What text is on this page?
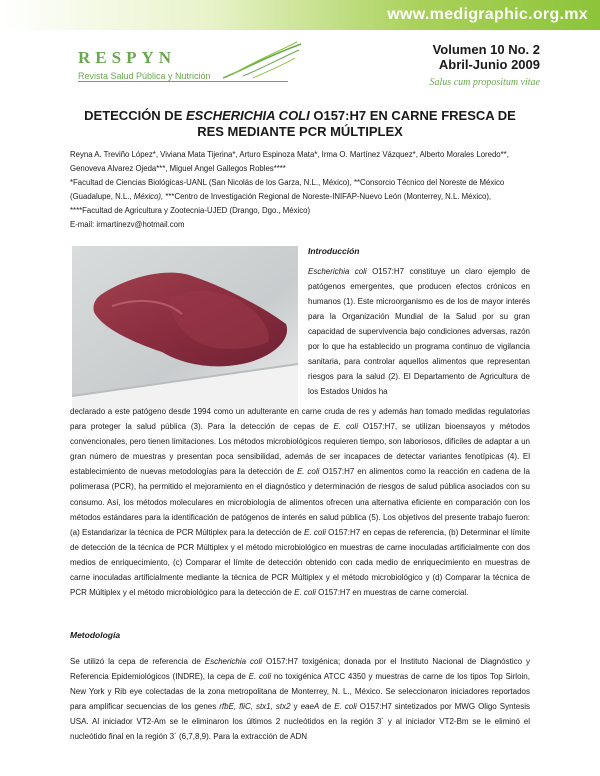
www.medigraphic.org.mx
RESPYN
Revista Salud Pública y Nutrición
Volumen 10 No. 2
Abril-Junio 2009
Salus cum propositum vitae
DETECCIÓN DE ESCHERICHIA COLI O157:H7 EN CARNE FRESCA DE RES MEDIANTE PCR MÚLTIPLEX

Reyna A. Treviño López*, Viviana Mata Tijerina*, Arturo Espinoza Mata*, Irma O. Martínez Vázquez*, Alberto Morales Loredo**, Genoveva Alvarez Ojeda***, Miguel Angel Gallegos Robles****

*Facultad de Ciencias Biológicas-UANL (San Nicolás de los Garza, N.L., México), **Consorcio Técnico del Noreste de México (Guadalupe, N.L., México), ***Centro de Investigación Regional de Noreste-INIFAP-Nuevo León (Monterrey, N.L. México), ****Facultad de Agricultura y Zootecnia-UJED (Drango, Dgo., México)

E-mail: irmartinezv@hotmail.com

Introducción
Escherichia coli O157:H7 constituye un claro ejemplo de patógenos emergentes, que producen efectos crónicos en humanos (1). Este microorganismo es de los de mayor interés para la Organización Mundial de la Salud por su gran capacidad de supervivencia bajo condiciones adversas, razón por lo que ha establecido un programa continuo de vigilancia sanitaria, para controlar aquellos alimentos que representan riesgos para la salud (2). El Departamento de Agricultura de los Estados Unidos ha
declarado a este patógeno desde 1994 como un adulterante en carne cruda de res y además han tomado medidas regulatorias para proteger la salud pública (3). Para la detección de cepas de E. coli O157:H7, se utilizan bioensayos y métodos convencionales, pero tienen limitaciones. Los métodos microbiológicos requieren tiempo, son laboriosos, difíciles de adaptar a un gran número de muestras y presentan poca sensibilidad, además de ser incapaces de detectar variantes fenotípicas (4). El establecimiento de nuevas metodologías para la detección de E. coli O157:H7 en alimentos como la reacción en cadena de la polimerasa (PCR), ha permitido el mejoramiento en el diagnóstico y determinación de riesgos de salud pública asociados con su consumo. Así, los métodos moleculares en microbiología de alimentos ofrecen una alternativa eficiente en comparación con los métodos estándares para la identificación de patógenos de interés en salud pública (5). Los objetivos del presente trabajo fueron: (a) Estandarizar la técnica de PCR Múltiplex para la detección de E. coli O157:H7 en cepas de referencia, (b) Determinar el límite de detección de la técnica de PCR Múltiplex y el método microbiológico en muestras de carne inoculadas artificialmente con dos medios de enriquecimiento, (c) Comparar el límite de detección obtenido con cada medio de enriquecimiento en muestras de carne inoculadas artificialmente mediante la técnica de PCR Múltiplex y el método microbiológico y (d) Comparar la técnica de PCR Múltiplex y el método microbiológico para la detección de E. coli O157:H7 en muestras de carne comercial.
Metodología
Se utilizó la cepa de referencia de Escherichia coli O157:H7 toxigénica; donada por el Instituto Nacional de Diagnóstico y Referencia Epidemiológicos (INDRE), la cepa de E. coli no toxigénica ATCC 4350 y muestras de carne de los tipos Top Sirloin, New York y Rib eye colectadas de la zona metropolitana de Monterrey, N. L., México. Se seleccionaron iniciadores reportados para amplificar secuencias de los genes rfbE, fliC, stx1, stx2 y eaeA de E. coli O157:H7 sintetizados por MWG Oligo Syntesis USA. Al iniciador VT2-Am se le eliminaron los últimos 2 nucleótidos en la región 3´ y al iniciador VT2-Bm se le eliminó el nucleótido final en la región 3´ (6,7,8,9). Para la extracción de ADN
